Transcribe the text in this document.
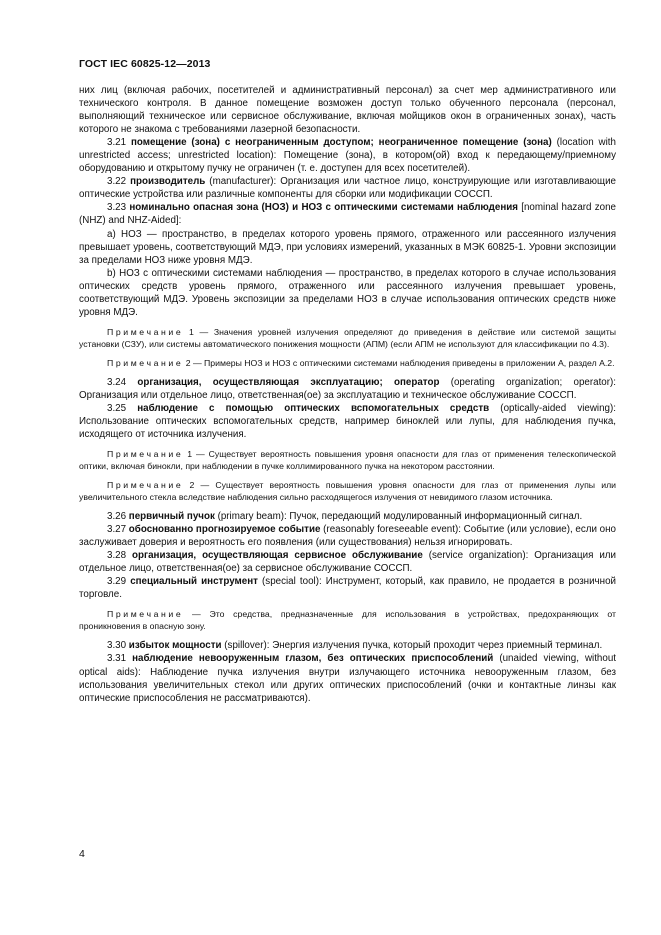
ГОСТ IEC 60825-12—2013

них лиц (включая рабочих, посетителей и административный персонал) за счет мер административного или технического контроля. В данное помещение возможен доступ только обученного персонала (персонал, выполняющий техническое или сервисное обслуживание, включая мойщиков окон в ограниченных зонах), часть которого не знакома с требованиями лазерной безопасности.

3.21 помещение (зона) с неограниченным доступом; неограниченное помещение (зона) (location with unrestricted access; unrestricted location): Помещение (зона), в котором(ой) вход к передающему/приемному оборудованию и открытому пучку не ограничен (т. е. доступен для всех посетителей).

3.22 производитель (manufacturer): Организация или частное лицо, конструирующие или изготавливающие оптические устройства или различные компоненты для сборки или модификации СОССП.

3.23 номинально опасная зона (НОЗ) и НОЗ с оптическими системами наблюдения [nominal hazard zone (NHZ) and NHZ-Aided]:

a) НОЗ — пространство, в пределах которого уровень прямого, отраженного или рассеянного излучения превышает уровень, соответствующий МДЭ, при условиях измерений, указанных в МЭК 60825-1. Уровни экспозиции за пределами НОЗ ниже уровня МДЭ.

b) НОЗ с оптическими системами наблюдения — пространство, в пределах которого в случае использования оптических средств уровень прямого, отраженного или рассеянного излучения превышает уровень, соответствующий МДЭ. Уровень экспозиции за пределами НОЗ в случае использования оптических средств ниже уровня МДЭ.

Примечание 1 — Значения уровней излучения определяют до приведения в действие или системой защиты установки (СЗУ), или системы автоматического понижения мощности (АПМ) (если АПМ не используют для классификации по 4.3).

Примечание 2 — Примеры НОЗ и НОЗ с оптическими системами наблюдения приведены в приложении А, раздел А.2.

3.24 организация, осуществляющая эксплуатацию; оператор (operating organization; operator): Организация или отдельное лицо, ответственная(ое) за эксплуатацию и техническое обслуживание СОССП.

3.25 наблюдение с помощью оптических вспомогательных средств (optically-aided viewing): Использование оптических вспомогательных средств, например биноклей или лупы, для наблюдения пучка, исходящего от источника излучения.

Примечание 1 — Существует вероятность повышения уровня опасности для глаз от применения телескопической оптики, включая бинокли, при наблюдении в пучке коллимированного пучка на некотором расстоянии.

Примечание 2 — Существует вероятность повышения уровня опасности для глаз от применения лупы или увеличительного стекла вследствие наблюдения сильно расходящегося излучения от невидимого глазом источника.

3.26 первичный пучок (primary beam): Пучок, передающий модулированный информационный сигнал.

3.27 обоснованно прогнозируемое событие (reasonably foreseeable event): Событие (или условие), если оно заслуживает доверия и вероятность его появления (или существования) нельзя игнорировать.

3.28 организация, осуществляющая сервисное обслуживание (service organization): Организация или отдельное лицо, ответственная(ое) за сервисное обслуживание СОССП.

3.29 специальный инструмент (special tool): Инструмент, который, как правило, не продается в розничной торговле.

Примечание — Это средства, предназначенные для использования в устройствах, предохраняющих от проникновения в опасную зону.

3.30 избыток мощности (spillover): Энергия излучения пучка, который проходит через приемный терминал.

3.31 наблюдение невооруженным глазом, без оптических приспособлений (unaided viewing, without optical aids): Наблюдение пучка излучения внутри излучающего источника невооруженным глазом, без использования увеличительных стекол или других оптических приспособлений (очки и контактные линзы как оптические приспособления не рассматриваются).

4
